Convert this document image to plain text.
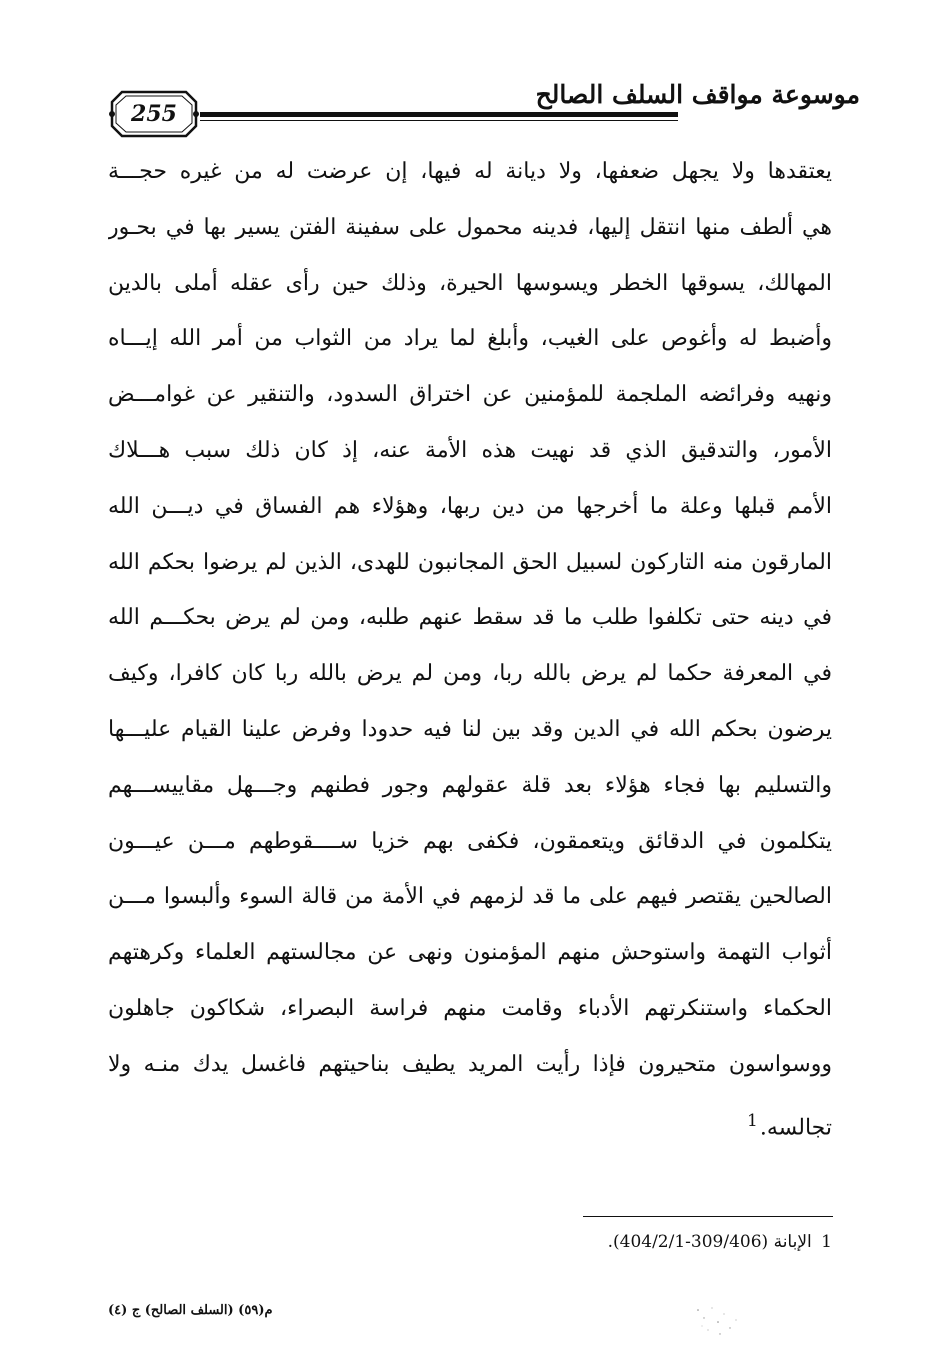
255
موسوعة مواقف السلف الصالح
يعتقدها ولا يجهل ضعفها، ولا ديانة له فيها، إن عرضت له من غيره حجـــة
هي ألطف منها انتقل إليها، فدينه محمول على سفينة الفتن يسير بها في بحـور
المهالك، يسوقها الخطر ويسوسها الحيرة، وذلك حين رأى عقله أملى بالدين
وأضبط له وأغوص على الغيب، وأبلغ لما يراد من الثواب من أمر الله إيـــاه
ونهيه وفرائضه الملجمة للمؤمنين عن اختراق السدود، والتنقير عن غوامـــض
الأمور، والتدقيق الذي قد نهيت هذه الأمة عنه، إذ كان ذلك سبب هـــلاك
الأمم قبلها وعلة ما أخرجها من دين ربها، وهؤلاء هم الفساق في ديـــن الله
المارقون منه التاركون لسبيل الحق المجانبون للهدى، الذين لم يرضوا بحكم الله
في دينه حتى تكلفوا طلب ما قد سقط عنهم طلبه، ومن لم يرض بحكـــم الله
في المعرفة حكما لم يرض بالله ربا، ومن لم يرض بالله ربا كان كافرا، وكيف
يرضون بحكم الله في الدين وقد بين لنا فيه حدودا وفرض علينا القيام عليـــها
والتسليم بها فجاء هؤلاء بعد قلة عقولهم وجور فطنهم وجـــهل مقاييســـهم
يتكلمون في الدقائق ويتعمقون، فكفى بهم خزيا ســــقوطهم مـــن عيـــون
الصالحين يقتصر فيهم على ما قد لزمهم في الأمة من قالة السوء وألبسوا مـــن
أثواب التهمة واستوحش منهم المؤمنون ونهى عن مجالستهم العلماء وكرهتهم
الحكماء واستنكرتهم الأدباء وقامت منهم فراسة البصراء، شكاكون جاهلون
ووسواسون متحيرون فإذا رأيت المريد يطيف بناحيتهم فاغسل يدك منـه ولا
تجالسه.$^1$
1 الإبانة (309/406-404/2/1).
م(٥٩) (السلف الصالح) ج (٤)
